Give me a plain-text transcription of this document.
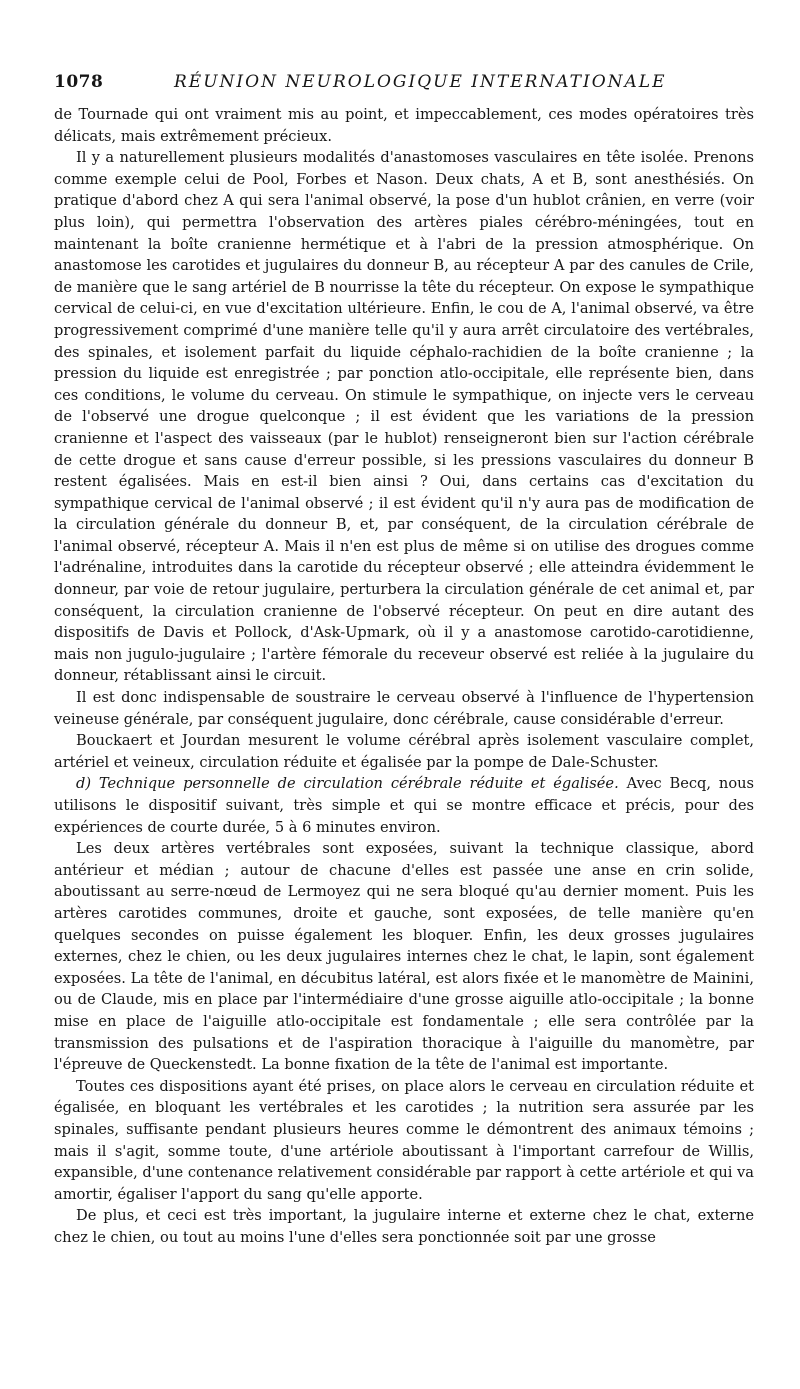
1078	RÉUNION NEUROLOGIQUE INTERNATIONALE

de Tournade qui ont vraiment mis au point, et impeccablement, ces modes opératoires très délicats, mais extrêmement précieux.

Il y a naturellement plusieurs modalités d'anastomoses vasculaires en tête isolée. Prenons comme exemple celui de Pool, Forbes et Nason. Deux chats, A et B, sont anesthésiés. On pratique d'abord chez A qui sera l'animal observé, la pose d'un hublot crânien, en verre (voir plus loin), qui permettra l'observation des artères piales cérébro-méningées, tout en maintenant la boîte cranienne hermétique et à l'abri de la pression atmosphérique. On anastomose les carotides et jugulaires du donneur B, au récepteur A par des canules de Crile, de manière que le sang artériel de B nourrisse la tête du récepteur. On expose le sympathique cervical de celui-ci, en vue d'excitation ultérieure. Enfin, le cou de A, l'animal observé, va être progressivement comprimé d'une manière telle qu'il y aura arrêt circulatoire des vertébrales, des spinales, et isolement parfait du liquide céphalo-rachidien de la boîte cranienne ; la pression du liquide est enregistrée ; par ponction atlo-occipitale, elle représente bien, dans ces conditions, le volume du cerveau. On stimule le sympathique, on injecte vers le cerveau de l'observé une drogue quelconque ; il est évident que les variations de la pression cranienne et l'aspect des vaisseaux (par le hublot) renseigneront bien sur l'action cérébrale de cette drogue et sans cause d'erreur possible, si les pressions vasculaires du donneur B restent égalisées. Mais en est-il bien ainsi ? Oui, dans certains cas d'excitation du sympathique cervical de l'animal observé ; il est évident qu'il n'y aura pas de modification de la circulation générale du donneur B, et, par conséquent, de la circulation cérébrale de l'animal observé, récepteur A. Mais il n'en est plus de même si on utilise des drogues comme l'adrénaline, introduites dans la carotide du récepteur observé ; elle atteindra évidemment le donneur, par voie de retour jugulaire, perturbera la circulation générale de cet animal et, par conséquent, la circulation cranienne de l'observé récepteur. On peut en dire autant des dispositifs de Davis et Pollock, d'Ask-Upmark, où il y a anastomose carotido-carotidienne, mais non jugulo-jugulaire ; l'artère fémorale du receveur observé est reliée à la jugulaire du donneur, rétablissant ainsi le circuit.

Il est donc indispensable de soustraire le cerveau observé à l'influence de l'hypertension veineuse générale, par conséquent jugulaire, donc cérébrale, cause considérable d'erreur.

Bouckaert et Jourdan mesurent le volume cérébral après isolement vasculaire complet, artériel et veineux, circulation réduite et égalisée par la pompe de Dale-Schuster.

d) Technique personnelle de circulation cérébrale réduite et égalisée. Avec Becq, nous utilisons le dispositif suivant, très simple et qui se montre efficace et précis, pour des expériences de courte durée, 5 à 6 minutes environ.

Les deux artères vertébrales sont exposées, suivant la technique classique, abord antérieur et médian ; autour de chacune d'elles est passée une anse en crin solide, aboutissant au serre-nœud de Lermoyez qui ne sera bloqué qu'au dernier moment. Puis les artères carotides communes, droite et gauche, sont exposées, de telle manière qu'en quelques secondes on puisse également les bloquer. Enfin, les deux grosses jugulaires externes, chez le chien, ou les deux jugulaires internes chez le chat, le lapin, sont également exposées. La tête de l'animal, en décubitus latéral, est alors fixée et le manomètre de Mainini, ou de Claude, mis en place par l'intermédiaire d'une grosse aiguille atlo-occipitale ; la bonne mise en place de l'aiguille atlo-occipitale est fondamentale ; elle sera contrôlée par la transmission des pulsations et de l'aspiration thoracique à l'aiguille du manomètre, par l'épreuve de Queckenstedt. La bonne fixation de la tête de l'animal est importante.

Toutes ces dispositions ayant été prises, on place alors le cerveau en circulation réduite et égalisée, en bloquant les vertébrales et les carotides ; la nutrition sera assurée par les spinales, suffisante pendant plusieurs heures comme le démontrent des animaux témoins ; mais il s'agit, somme toute, d'une artériole aboutissant à l'important carrefour de Willis, expansible, d'une contenance relativement considérable par rapport à cette artériole et qui va amortir, égaliser l'apport du sang qu'elle apporte.

De plus, et ceci est très important, la jugulaire interne et externe chez le chat, externe chez le chien, ou tout au moins l'une d'elles sera ponctionnée soit par une grosse
